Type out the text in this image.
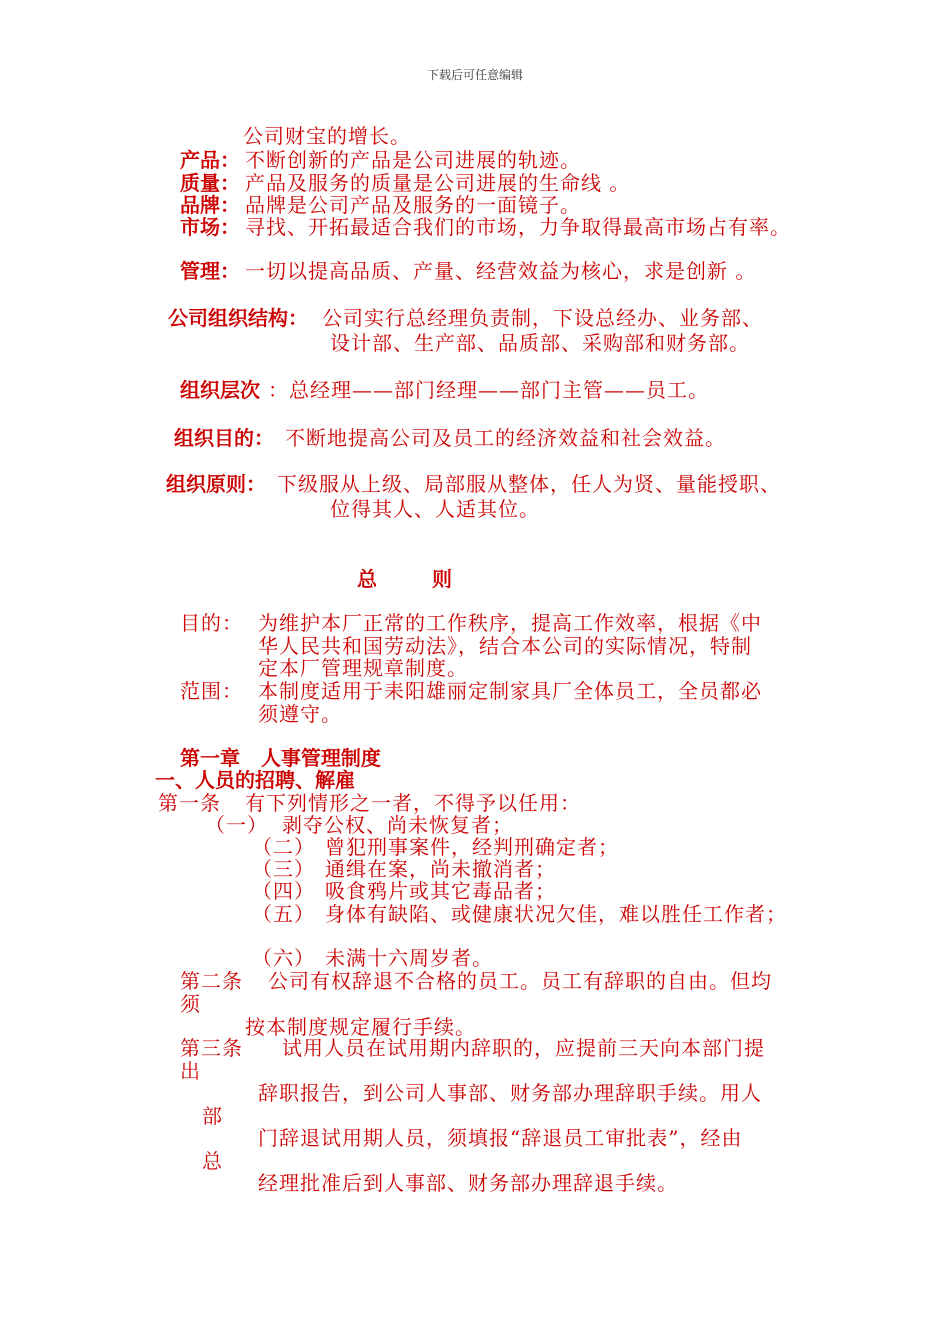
下载后可任意编辑
公司财宝的增长。
产品： 不断创新的产品是公司进展的轨迹。
质量： 产品及服务的质量是公司进展的生命线 。
品牌： 品牌是公司产品及服务的一面镜子。
市场： 寻找、开拓最适合我们的市场，力争取得最高市场占有率。
管理： 一切以提高品质、产量、经营效益为核心，求是创新 。
公司组织结构： 公司实行总经理负责制，下设总经办、业务部、
设计部、生产部、品质部、采购部和财务部。
组织层次 ：总经理——部门经理——部门主管——员工。
组织目的： 不断地提高公司及员工的经济效益和社会效益。
组织原则： 下级服从上级、局部服从整体，任人为贤、量能授职、
位得其人、人适其位。
总	则
目的： 为维护本厂正常的工作秩序，提高工作效率，根据《中
华人民共和国劳动法》，结合本公司的实际情况，特制
定本厂管理规章制度。
范围： 本制度适用于耒阳雄丽定制家具厂全体员工，全员都必
须遵守。
第一章   人事管理制度
一、人员的招聘、解雇
第一条 有下列情形之一者，不得予以任用：
（一） 剥夺公权、尚未恢复者；
（二） 曾犯刑事案件，经判刑确定者；
（三） 通缉在案，尚未撤消者；
（四） 吸食鸦片或其它毒品者；
（五） 身体有缺陷、或健康状况欠佳，难以胜任工作者；
（六） 未满十六周岁者。
第二条 公司有权辞退不合格的员工。员工有辞职的自由。但均
须
按本制度规定履行手续。
第三条 试用人员在试用期内辞职的，应提前三天向本部门提
出
辞职报告，到公司人事部、财务部办理辞职手续。用人
部
门辞退试用期人员，须填报“辞退员工审批表”，经由
总
经理批准后到人事部、财务部办理辞退手续。
